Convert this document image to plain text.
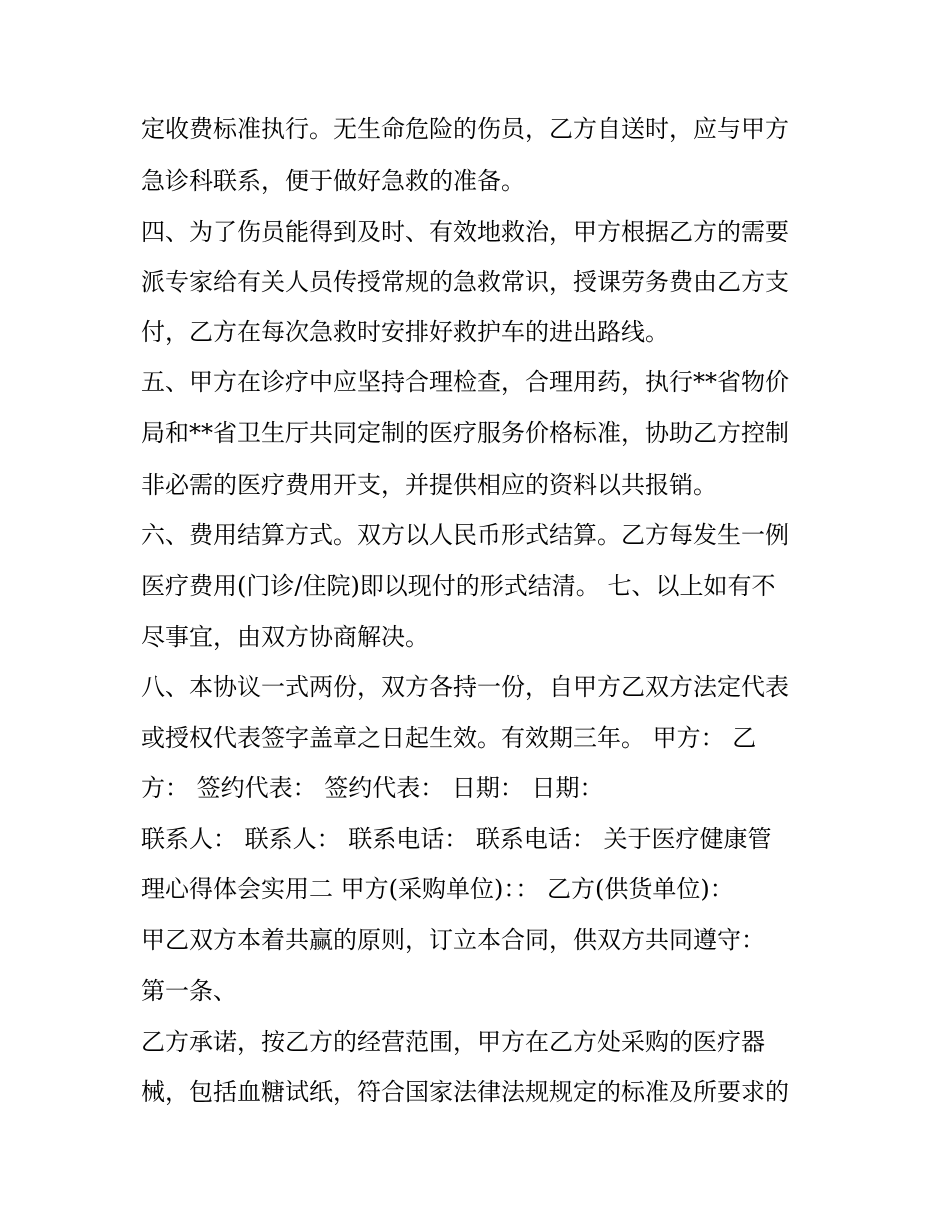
定收费标准执行。无生命危险的伤员，乙方自送时，应与甲方
急诊科联系，便于做好急救的准备。
四、为了伤员能得到及时、有效地救治，甲方根据乙方的需要
派专家给有关人员传授常规的急救常识，授课劳务费由乙方支
付，乙方在每次急救时安排好救护车的进出路线。
五、甲方在诊疗中应坚持合理检查，合理用药，执行**省物价
局和**省卫生厅共同定制的医疗服务价格标准，协助乙方控制
非必需的医疗费用开支，并提供相应的资料以共报销。
六、费用结算方式。双方以人民币形式结算。乙方每发生一例
医疗费用(门诊/住院)即以现付的形式结清。 七、以上如有不
尽事宜，由双方协商解决。
八、本协议一式两份，双方各持一份，自甲方乙双方法定代表
或授权代表签字盖章之日起生效。有效期三年。 甲方： 乙
方： 签约代表： 签约代表： 日期： 日期：
联系人： 联系人： 联系电话： 联系电话： 关于医疗健康管
理心得体会实用二 甲方(采购单位)：： 乙方(供货单位)：
甲乙双方本着共赢的原则，订立本合同，供双方共同遵守：
第一条、
乙方承诺，按乙方的经营范围，甲方在乙方处采购的医疗器
械，包括血糖试纸，符合国家法律法规规定的标准及所要求的
